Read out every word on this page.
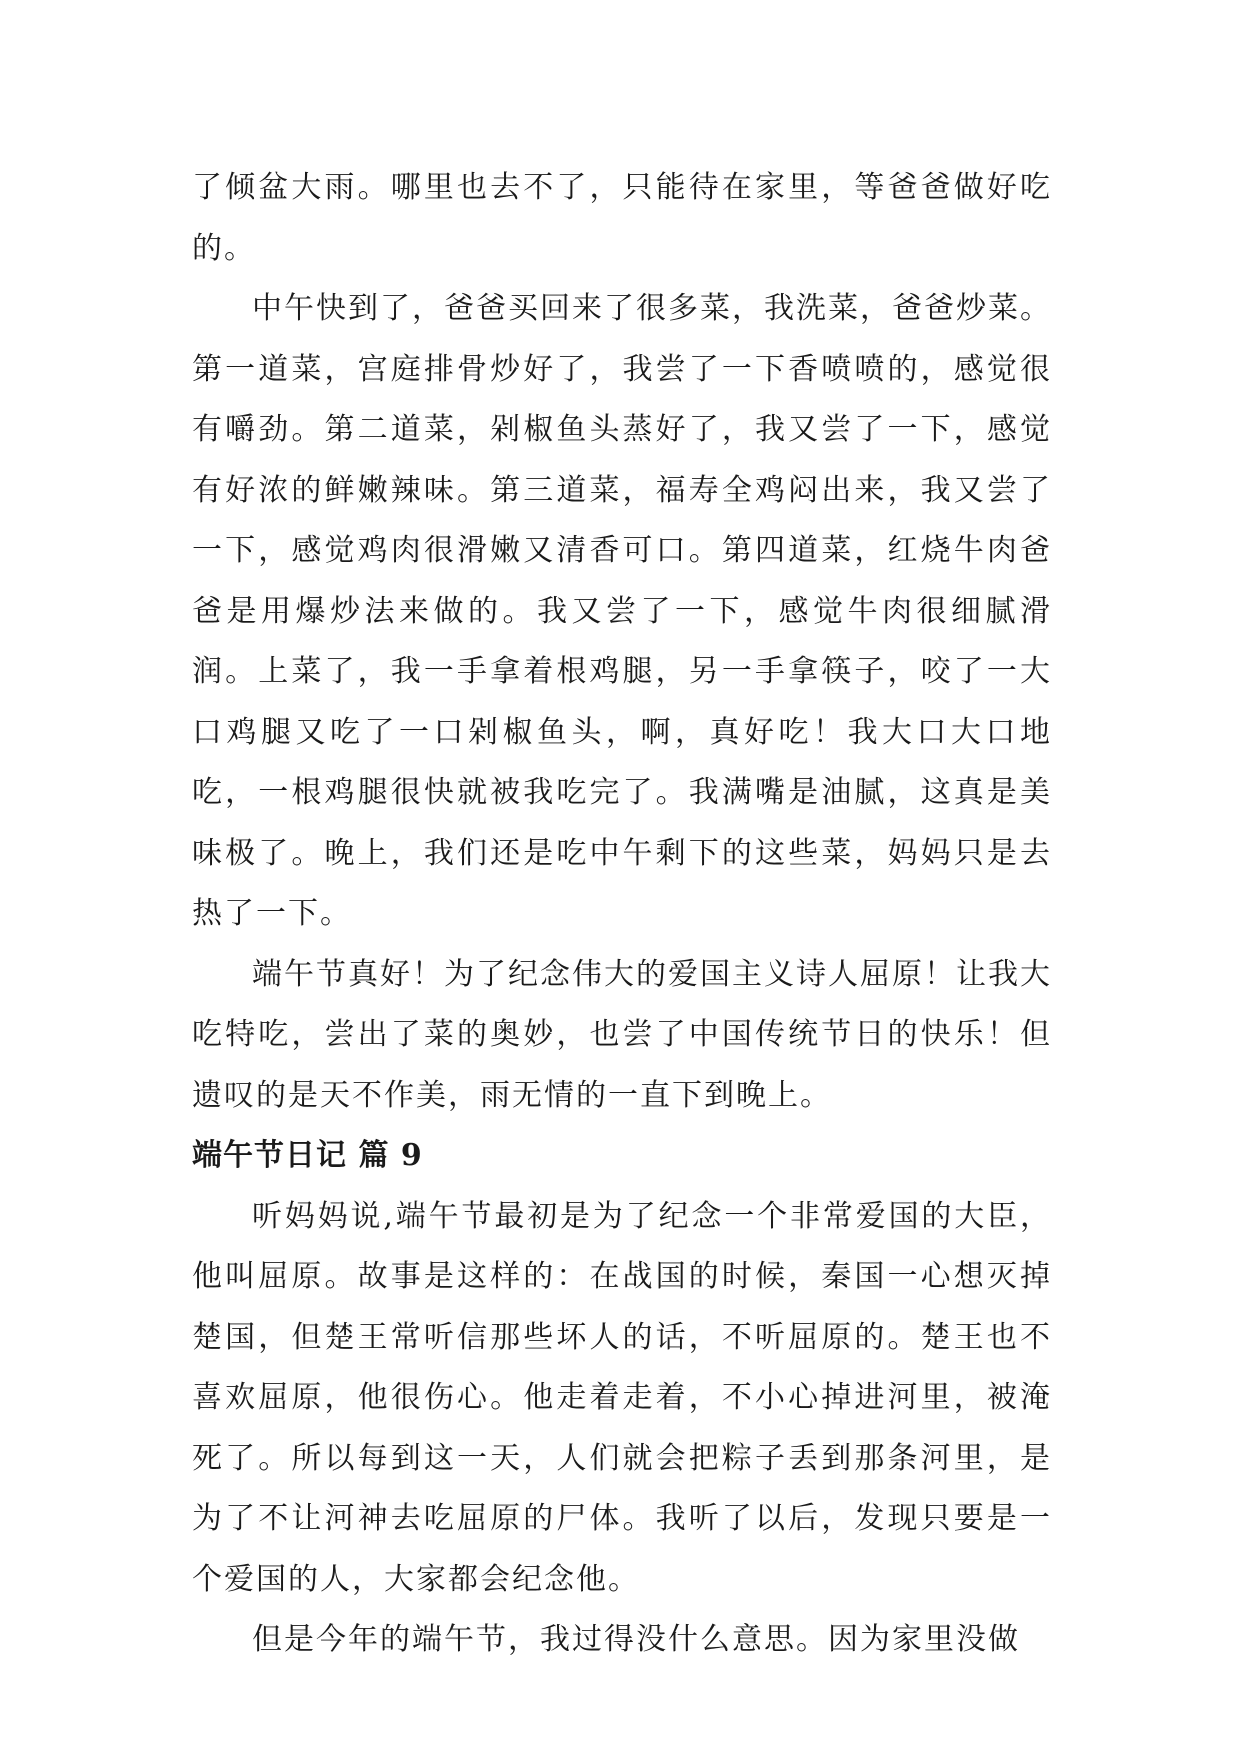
了倾盆大雨。哪里也去不了，只能待在家里，等爸爸做好吃的。

中午快到了，爸爸买回来了很多菜，我洗菜，爸爸炒菜。第一道菜，宫庭排骨炒好了，我尝了一下香喷喷的，感觉很有嚼劲。第二道菜，剁椒鱼头蒸好了，我又尝了一下，感觉有好浓的鲜嫩辣味。第三道菜，福寿全鸡闷出来，我又尝了一下，感觉鸡肉很滑嫩又清香可口。第四道菜，红烧牛肉爸爸是用爆炒法来做的。我又尝了一下，感觉牛肉很细腻滑润。上菜了，我一手拿着根鸡腿，另一手拿筷子，咬了一大口鸡腿又吃了一口剁椒鱼头，啊，真好吃！我大口大口地吃，一根鸡腿很快就被我吃完了。我满嘴是油腻，这真是美味极了。晚上，我们还是吃中午剩下的这些菜，妈妈只是去热了一下。

端午节真好！为了纪念伟大的爱国主义诗人屈原！让我大吃特吃，尝出了菜的奥妙，也尝了中国传统节日的快乐！但遗叹的是天不作美，雨无情的一直下到晚上。

端午节日记 篇 9

听妈妈说,端午节最初是为了纪念一个非常爱国的大臣，他叫屈原。故事是这样的：在战国的时候，秦国一心想灭掉楚国，但楚王常听信那些坏人的话，不听屈原的。楚王也不喜欢屈原，他很伤心。他走着走着，不小心掉进河里，被淹死了。所以每到这一天，人们就会把粽子丢到那条河里，是为了不让河神去吃屈原的尸体。我听了以后，发现只要是一个爱国的人，大家都会纪念他。

但是今年的端午节，我过得没什么意思。因为家里没做
